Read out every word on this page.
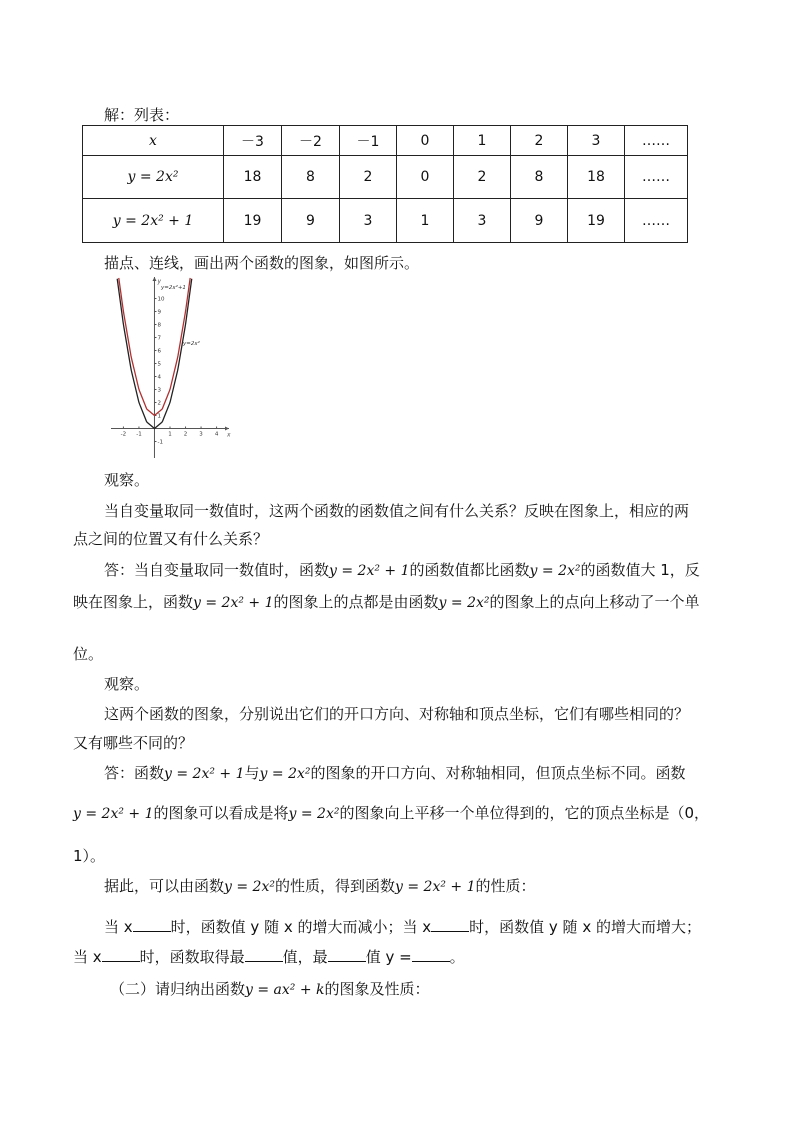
解：列表：
x	－3	－2	－1	0	1	2	3	……
y = 2x²	18	8	2	0	2	8	18	……
y = 2x² + 1	19	9	3	1	3	9	19	……
描点、连线，画出两个函数的图象，如图所示。
x
y
-2 -1	1 2 3 4
-1
1
2
3
4
5
6
7
8
9
10
y=2x²+1
y=2x²
观察。
当自变量取同一数值时，这两个函数的函数值之间有什么关系？反映在图象上，相应的两
点之间的位置又有什么关系？
答：当自变量取同一数值时，函数y = 2x² + 1的函数值都比函数y = 2x²的函数值大 1，反
映在图象上，函数y = 2x² + 1的图象上的点都是由函数y = 2x²的图象上的点向上移动了一个单
位。
观察。
这两个函数的图象，分别说出它们的开口方向、对称轴和顶点坐标，它们有哪些相同的？
又有哪些不同的？
答：函数y = 2x² + 1与y = 2x²的图象的开口方向、对称轴相同，但顶点坐标不同。函数
y = 2x² + 1的图象可以看成是将y = 2x²的图象向上平移一个单位得到的，它的顶点坐标是（0，
1）。
据此，可以由函数y = 2x²的性质，得到函数y = 2x² + 1的性质：
当 x	时，函数值 y 随 x 的增大而减小；当 x	时，函数值 y 随 x 的增大而增大；
当 x	时，函数取得最	值，最	值 y =	。
（二）请归纳出函数y = ax² + k的图象及性质：
